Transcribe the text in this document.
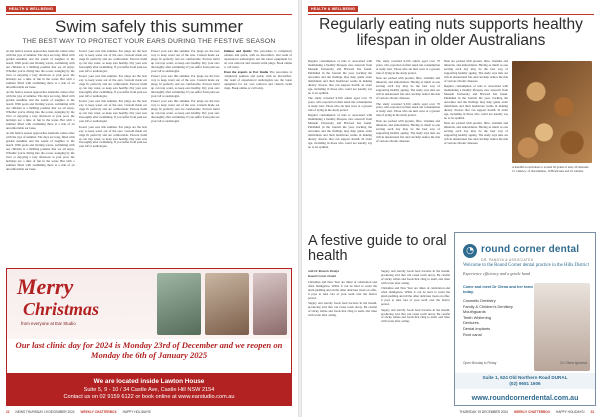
HEALTH & WELLBEING
Swim safely this summer
THE BEST WAY TO PROTECT YOUR EARS DURING THE FESTIVE SEASON

As the festive season approaches Australia comes alive with the joys of summer. The days are long, filled with golden sunshine and the sound of laughter at the beach. With pools and inviting waves, swimming with our children is a thrilling pastime that we all enjoy. Whether you're diving into the ocean, lounging by the river or enjoying a lazy afternoon at your pool, the holidays are a time of fun in the water. But with a summer filled with swimming there is a risk of an uncomfortable ear issue.

As the festive season approaches Australia comes alive with the joys of summer. The days are long, filled with golden sunshine and the sound of laughter at the beach. With pools and inviting waves, swimming with our children is a thrilling pastime that we all enjoy. Whether you're diving into the ocean, lounging by the river or enjoying a lazy afternoon at your pool, the holidays are a time of fun in the water. But with a summer filled with swimming there is a risk of an uncomfortable ear issue.

As the festive season approaches Australia comes alive with the joys of summer. The days are long, filled with golden sunshine and the sound of laughter at the beach. With pools and inviting waves, swimming with our children is a thrilling pastime that we all enjoy. Whether you're diving into the ocean, lounging by the river or enjoying a lazy afternoon at your pool, the holidays are a time of fun in the water. But with a summer filled with swimming there is a risk of an uncomfortable ear issue.

Protect your ears this summer. Ear plugs are the best way to keep water out of the ears. Custom made ear plugs fit perfectly and are comfortable. Earwax build up can trap water, so keep ears healthy. Dry your ears thoroughly after swimming. If you suffer from pain see your GP or audiologist.

Protect your ears this summer. Ear plugs are the best way to keep water out of the ears. Custom made ear plugs fit perfectly and are comfortable. Earwax build up can trap water, so keep ears healthy. Dry your ears thoroughly after swimming. If you suffer from pain see your GP or audiologist.

Protect your ears this summer. Ear plugs are the best way to keep water out of the ears. Custom made ear plugs fit perfectly and are comfortable. Earwax build up can trap water, so keep ears healthy. Dry your ears thoroughly after swimming. If you suffer from pain see your GP or audiologist.

Protect your ears this summer. Ear plugs are the best way to keep water out of the ears. Custom made ear plugs fit perfectly and are comfortable. Earwax build up can trap water, so keep ears healthy. Dry your ears thoroughly after swimming. If you suffer from pain see your GP or audiologist.

Protect your ears this summer. Ear plugs are the best way to keep water out of the ears. Custom made ear plugs fit perfectly and are comfortable. Earwax build up can trap water, so keep ears healthy. Dry your ears thoroughly after swimming. If you suffer from pain see your GP or audiologist.

Protect your ears this summer. Ear plugs are the best way to keep water out of the ears. Custom made ear plugs fit perfectly and are comfortable. Earwax build up can trap water, so keep ears healthy. Dry your ears thoroughly after swimming. If you suffer from pain see your GP or audiologist.

Protect your ears this summer. Ear plugs are the best way to keep water out of the ears. Custom made ear plugs fit perfectly and are comfortable. Earwax build up can trap water, so keep ears healthy. Dry your ears thoroughly after swimming. If you suffer from pain see your GP or audiologist.

Painless and Quick: The procedure is completely painless and quick, with no discomfort. Our team of experienced audiologists use the latest equipment for ear wax removal and custom swim plugs. Book online or call today.

Treat the experts at Ear Studio The procedure is completely painless and quick, with no discomfort. Our team of experienced audiologists use the latest equipment for ear wax removal and custom swim plugs. Book online or call today.

Merry
Christmas
from everyone at Ear Studio
Our last clinic day for 2024 is Monday 23rd of December and we reopen on Monday the 6th of January 2025
We are located inside Lawton House
Suite 5, 9 - 10 / 34 Castle Ave, Castle Hill NSW 2154
Contact us on 02 9159 6122 or book online at www.earstudio.com.au
22 NEWS THURSDAY 19 DECEMBER 2024 WEEKLY CHATTERBOX HAPPY HOLIDAYS!
HEALTH & WELLBEING
Regularly eating nuts supports healthy lifespan in older Australians

Regular consumption of nuts is associated with maintaining a healthy lifespan, new research from Monash University and Harvard has found. Published in the Journal the year, tracking the outcomes and the findings may help guide older individuals and their healthcare teams in making dietary choices that can support health. In older age, including in those who could not usually say no to be optimal.

The study revealed 9,916 adults aged over 70 years, who reported on their usual nut consumption at study start. Those who ate nuts were at a greater risk of dying in the study period.

Regular consumption of nuts is associated with maintaining a healthy lifespan, new research from Monash University and Harvard has found. Published in the Journal the year, tracking the outcomes and the findings may help guide older individuals and their healthcare teams in making dietary choices that can support health. In older age, including in those who could not usually say no to be optimal.

The study revealed 9,916 adults aged over 70 years, who reported on their usual nut consumption at study start. Those who ate nuts were at a greater risk of dying in the study period.

Nuts are packed with protein, fibre, vitamins and minerals, and antioxidants. Having as much as one serving each day may be the best way of supporting healthy ageing. The study says nuts are rich in unsaturated fats and can help reduce the risk of various chronic diseases.

The study revealed 9,916 adults aged over 70 years, who reported on their usual nut consumption at study start. Those who ate nuts were at a greater risk of dying in the study period.

Nuts are packed with protein, fibre, vitamins and minerals, and antioxidants. Having as much as one serving each day may be the best way of supporting healthy ageing. The study says nuts are rich in unsaturated fats and can help reduce the risk of various chronic diseases.

Nuts are packed with protein, fibre, vitamins and minerals, and antioxidants. Having as much as one serving each day may be the best way of supporting healthy ageing. The study says nuts are rich in unsaturated fats and can help reduce the risk of various chronic diseases.

Regular consumption of nuts is associated with maintaining a healthy lifespan, new research from Monash University and Harvard has found. Published in the Journal the year, tracking the outcomes and the findings may help guide older individuals and their healthcare teams in making dietary choices that can support health. In older age, including in those who could not usually say no to be optimal.

Nuts are packed with protein, fibre, vitamins and minerals, and antioxidants. Having as much as one serving each day may be the best way of supporting healthy ageing. The study says nuts are rich in unsaturated fats and can help reduce the risk of various chronic diseases.

A handful is equivalent to around 30 grams of nuts, 20 almonds, 15 cashews, 15 macadamias, 10 Brazil nuts and 10 walnuts.
A festive guide to oral health

with Dr Ramesh Pandya

Round Corner Dental

Christmas and New Year are times of celebration and often indulgence. While it can be hard to resist the plum pudding and all the other delicious treats on offer, it pays to take care of your teeth over the festive period.

Sugary and starchy foods feed bacteria in the mouth, producing acid that can cause tooth decay. Be careful of sticky lollies and foods that cling to teeth, and rinse with water after eating.

Sugary and starchy foods feed bacteria in the mouth, producing acid that can cause tooth decay. Be careful of sticky lollies and foods that cling to teeth, and rinse with water after eating.

Christmas and New Year are times of celebration and often indulgence. While it can be hard to resist the plum pudding and all the other delicious treats on offer, it pays to take care of your teeth over the festive period.

Sugary and starchy foods feed bacteria in the mouth, producing acid that can cause tooth decay. Be careful of sticky lollies and foods that cling to teeth, and rinse with water after eating.

◔ round corner dental
DR. PANDYA & ASSOCIATES
Welcome to the Round Corner dental practice in the Hills District
Experience efficiency and a gentle hand
Come and meet Dr Olena and her team today.
Cosmetic Dentistry
Family & Children's Dentistry
Mouthguards
Teeth Whitening
Dentures
Dental Implants
Root canal
Open Monday to Friday	Dr. Olena Ignatova
Suite 1, 624 Old Northern Road DURAL
(02) 9651 1606
www.roundcornerdental.com.au
THURSDAY 19 DECEMBER 2024 WEEKLY CHATTERBOX HAPPY HOLIDAYS! 23
